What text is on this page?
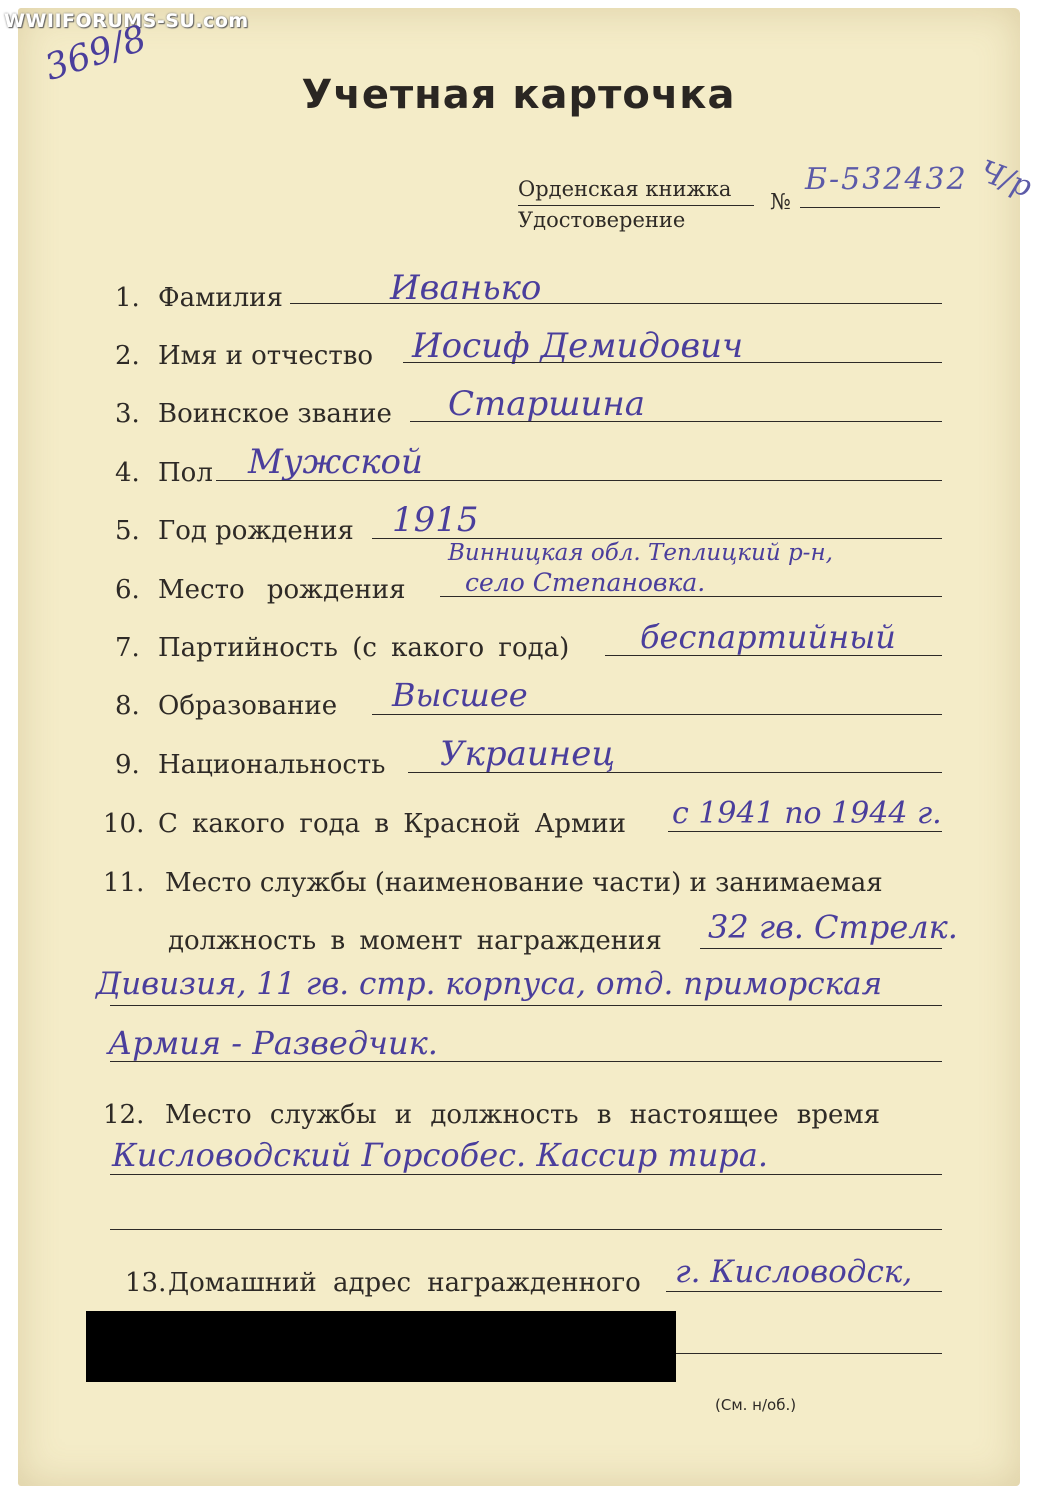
WWIIFORUMS-SU.com
369/8
Учетная карточка
Орденская книжка
Удостоверение
№
Б-532432 Ч/р
1. Фамилия	Иванько
2. Имя и отчество Иосиф Демидович
3. Воинское звание Старшина
4. Пол Мужской
5. Год рождения 1915
6. Место рождения
Винницкая обл. Теплицкий р-н,
село Степановка.
7. Партийность (с какого года) беспартийный
8. Образование Высшее
9. Национальность Украинец
10. С какого года в Красной Армии с 1941 по 1944 г.
11. Место службы (наименование части) и занимаемая
должность в момент награждения 32 гв. Стрелк.
Дивизия, 11 гв. стр. корпуса, отд. приморская
Армия - Разведчик.
12. Место службы и должность в настоящее время
Кисловодский Горсобес. Кассир тира.
13. Домашний адрес награжденного г. Кисловодск,
(См. н/об.)
